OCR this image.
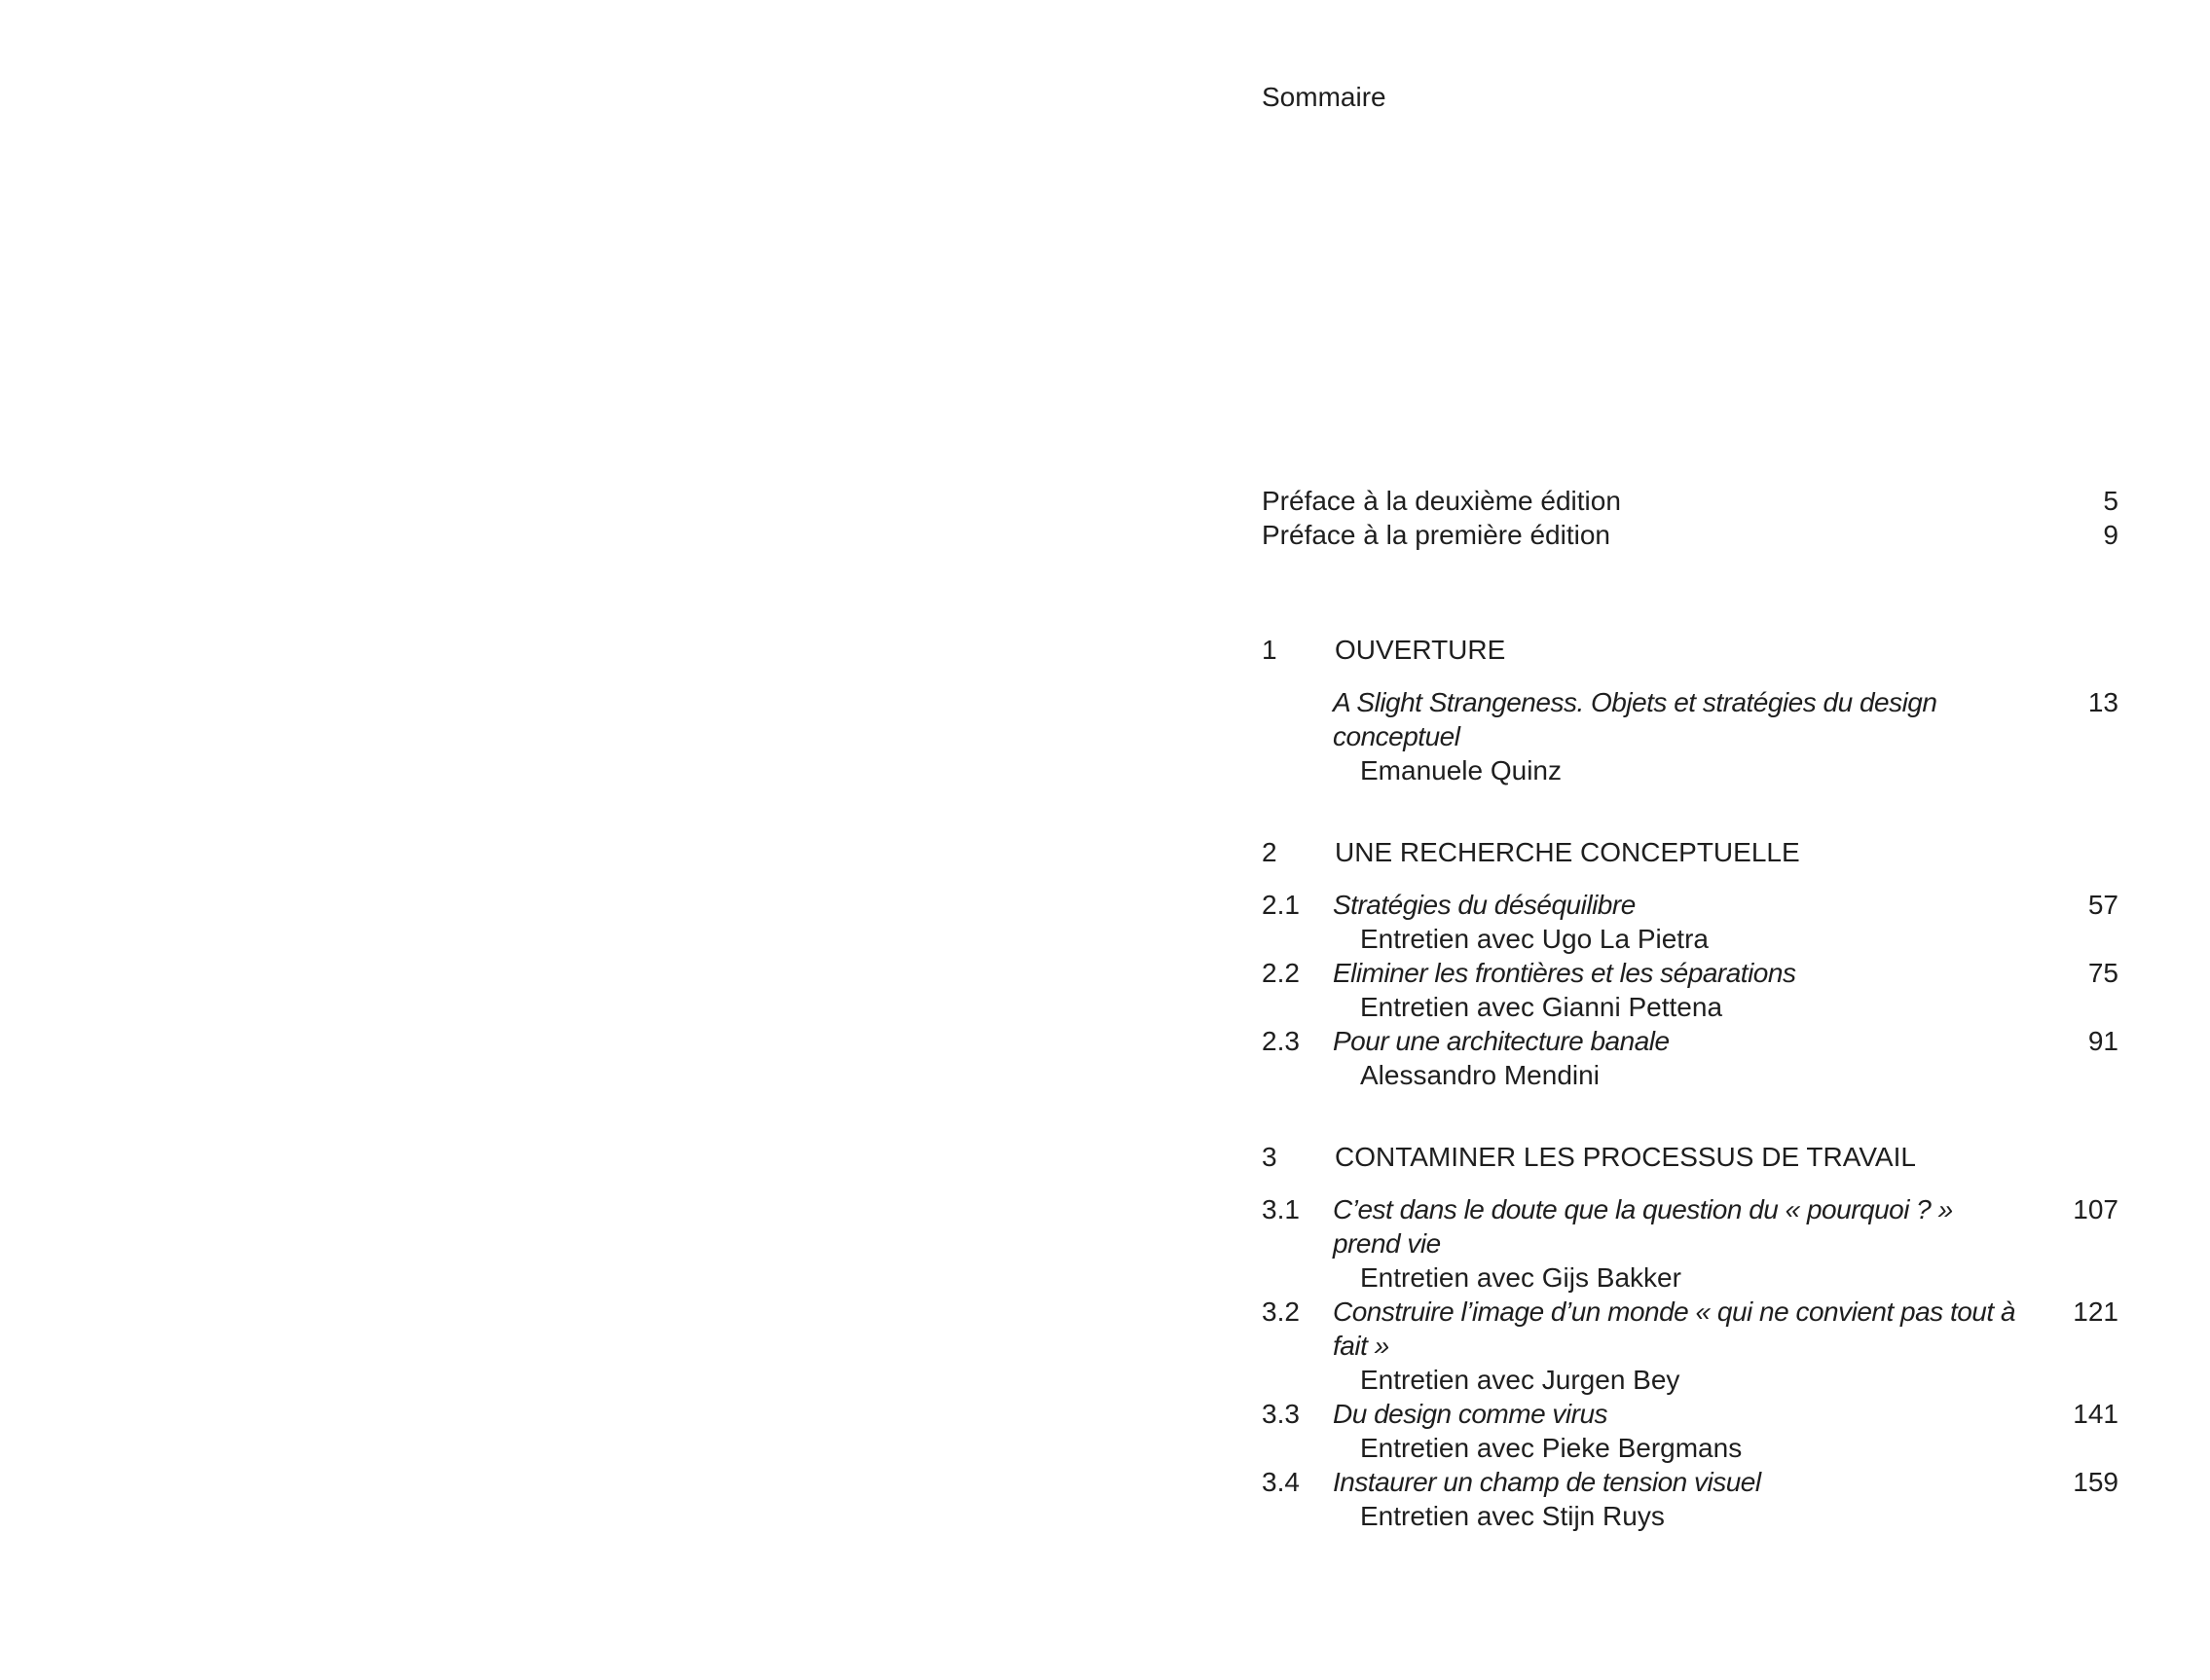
Sommaire
Préface à la deuxième édition	5
Préface à la première édition	9
1 OUVERTURE
A Slight Strangeness. Objets et stratégies du design conceptuel
Emanuele Quinz
13
2 UNE RECHERCHE CONCEPTUELLE
2.1 Stratégies du déséquilibre
Entretien avec Ugo La Pietra
57
2.2 Eliminer les frontières et les séparations
Entretien avec Gianni Pettena
75
2.3 Pour une architecture banale
Alessandro Mendini
91
3 CONTAMINER LES PROCESSUS DE TRAVAIL
3.1 C’est dans le doute que la question du « pourquoi ? » prend vie
Entretien avec Gijs Bakker
107
3.2 Construire l’image d’un monde « qui ne convient pas tout à fait »
Entretien avec Jurgen Bey
121
3.3 Du design comme virus
Entretien avec Pieke Bergmans
141
3.4 Instaurer un champ de tension visuel
Entretien avec Stijn Ruys
159
